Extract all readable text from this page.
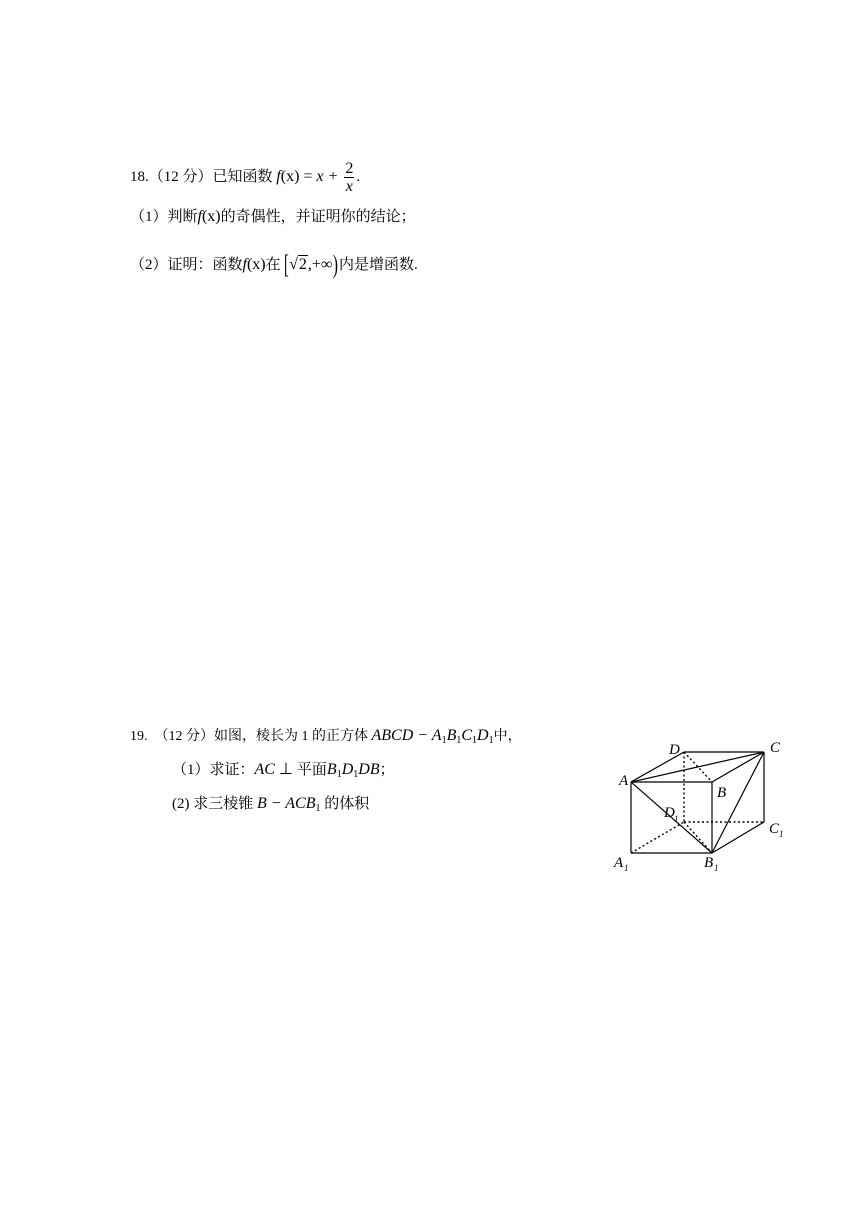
18.（12 分）已知函数 $f(x) = x + \frac{2}{x}$ .
（1）判断f(x)的奇偶性，并证明你的结论；
（2）证明：函数f(x)在 [√2,+∞)内是增函数.
19. （12 分）如图，棱长为 1 的正方体 ABCD − $A_1B_1C_1D_1$中，
（1）求证：AC ⊥ 平面$B_1D_1DB$；
(2) 求三棱锥 $B - ACB_1$ 的体积
D	C
A
B
D 1
C 1
A 1	B 1
